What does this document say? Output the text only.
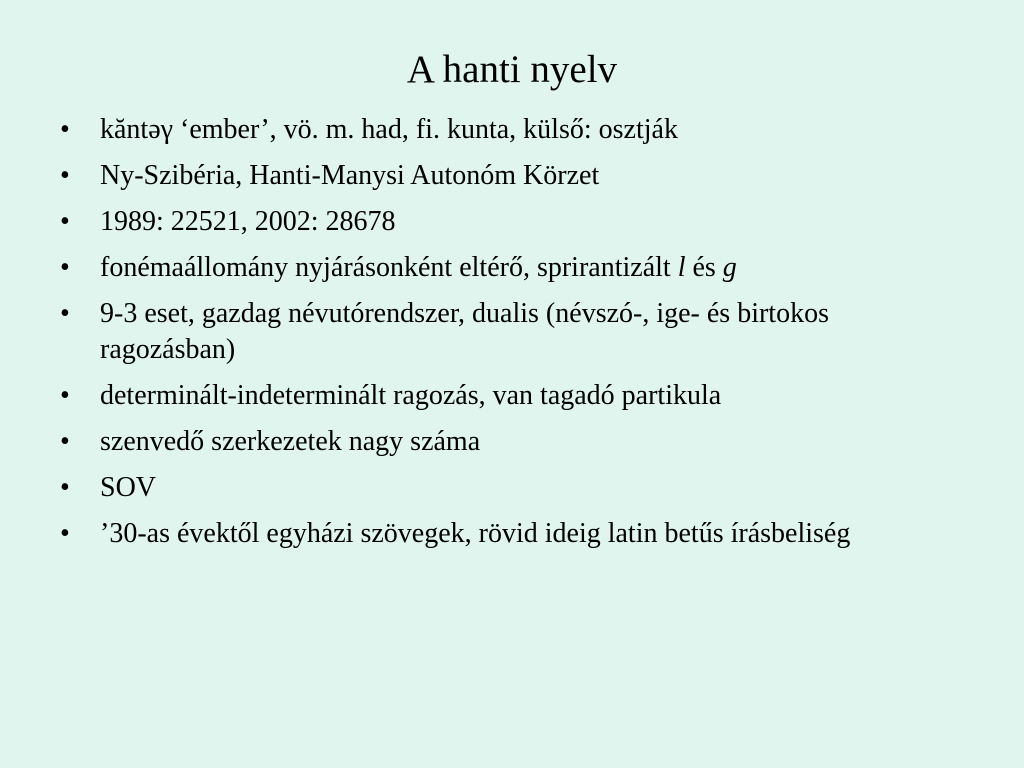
A hanti nyelv
•	kăntəγ ‘ember’, vö. m. had, fi. kunta, külső: osztják
•	Ny-Szibéria, Hanti-Manysi Autonóm Körzet
•	1989: 22521, 2002: 28678
•	fonémaállomány nyjárásonként eltérő, sprirantizált l és g
•	9-3 eset, gazdag névutórendszer, dualis (névszó-, ige- és birtokos ragozásban)
•	determinált-indeterminált ragozás, van tagadó partikula
•	szenvedő szerkezetek nagy száma
•	SOV
•	’30-as évektől egyházi szövegek, rövid ideig latin betűs írásbeliség
